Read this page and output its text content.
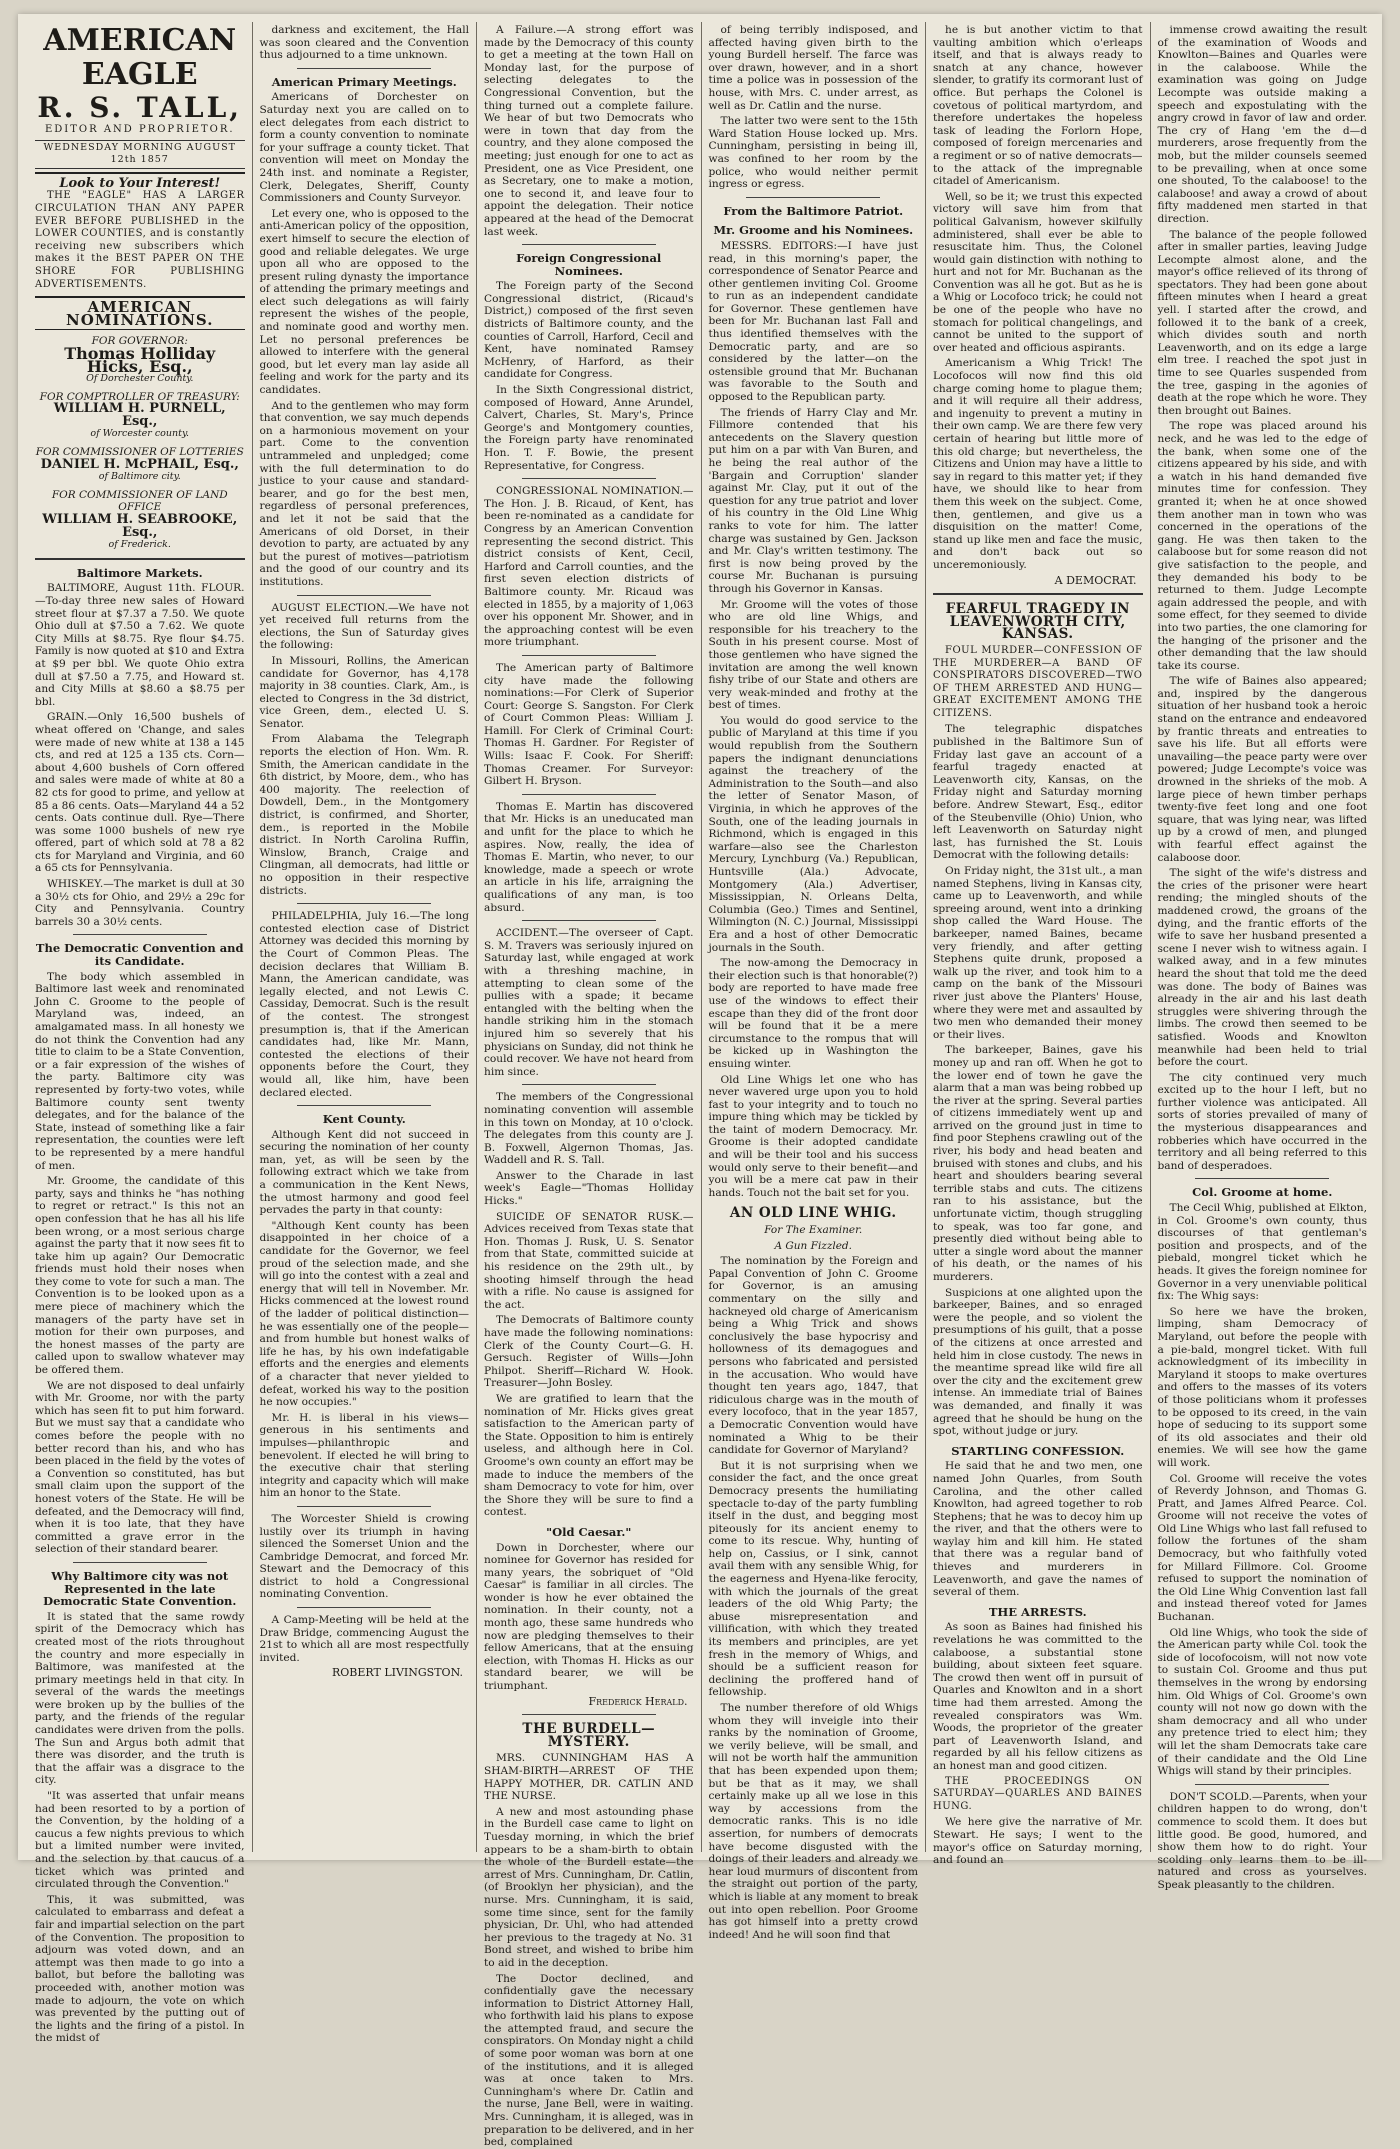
AMERICAN EAGLE
R. S. TALL,
EDITOR AND PROPRIETOR.
WEDNESDAY MORNING AUGUST 12th 1857
Look to Your Interest!

THE "EAGLE" HAS A LARGER CIRCULATION THAN ANY PAPER EVER BEFORE PUBLISHED in the LOWER COUNTIES, and is constantly receiving new subscribers which makes it the BEST PAPER ON THE SHORE FOR PUBLISHING ADVERTISEMENTS.

AMERICAN NOMINATIONS.
FOR GOVERNOR:
Thomas Holliday Hicks, Esq.,
Of Dorchester County.
FOR COMPTROLLER OF TREASURY:
WILLIAM H. PURNELL, Esq.,
of Worcester county.
FOR COMMISSIONER OF LOTTERIES
DANIEL H. McPHAIL, Esq.,
of Baltimore city.
FOR COMMISSIONER OF LAND OFFICE
WILLIAM H. SEABROOKE, Esq.,
of Frederick.
Baltimore Markets.

BALTIMORE, August 11th. FLOUR.—To-day three new sales of Howard street flour at $7.37 a 7.50. We quote Ohio dull at $7.50 a 7.62. We quote City Mills at $8.75. Rye flour $4.75. Family is now quoted at $10 and Extra at $9 per bbl. We quote Ohio extra dull at $7.50 a 7.75, and Howard st. and City Mills at $8.60 a $8.75 per bbl.

GRAIN.—Only 16,500 bushels of wheat offered on 'Change, and sales were made of new white at 138 a 145 cts, and red at 125 a 135 cts. Corn—about 4,600 bushels of Corn offered and sales were made of white at 80 a 82 cts for good to prime, and yellow at 85 a 86 cents. Oats—Maryland 44 a 52 cents. Oats continue dull. Rye—There was some 1000 bushels of new rye offered, part of which sold at 78 a 82 cts for Maryland and Virginia, and 60 a 65 cts for Pennsylvania.

WHISKEY.—The market is dull at 30 a 30½ cts for Ohio, and 29½ a 29c for City and Pennsylvania. Country barrels 30 a 30½ cents.

The Democratic Convention and its Candidate.

The body which assembled in Baltimore last week and renominated John C. Groome to the people of Maryland was, indeed, an amalgamated mass. In all honesty we do not think the Convention had any title to claim to be a State Convention, or a fair expression of the wishes of the party. Baltimore city was represented by forty-two votes, while Baltimore county sent twenty delegates, and for the balance of the State, instead of something like a fair representation, the counties were left to be represented by a mere handful of men.

Mr. Groome, the candidate of this party, says and thinks he "has nothing to regret or retract." Is this not an open confession that he has all his life been wrong, or a most serious charge against the party that it now sees fit to take him up again? Our Democratic friends must hold their noses when they come to vote for such a man. The Convention is to be looked upon as a mere piece of machinery which the managers of the party have set in motion for their own purposes, and the honest masses of the party are called upon to swallow whatever may be offered them.

We are not disposed to deal unfairly with Mr. Groome, nor with the party which has seen fit to put him forward. But we must say that a candidate who comes before the people with no better record than his, and who has been placed in the field by the votes of a Convention so constituted, has but small claim upon the support of the honest voters of the State. He will be defeated, and the Democracy will find, when it is too late, that they have committed a grave error in the selection of their standard bearer.

Why Baltimore city was not Represented in the late Democratic State Convention.

It is stated that the same rowdy spirit of the Democracy which has created most of the riots throughout the country and more especially in Baltimore, was manifested at the primary meetings held in that city. In several of the wards the meetings were broken up by the bullies of the party, and the friends of the regular candidates were driven from the polls. The Sun and Argus both admit that there was disorder, and the truth is that the affair was a disgrace to the city.

"It was asserted that unfair means had been resorted to by a portion of the Convention, by the holding of a caucus a few nights previous to which but a limited number were invited, and the selection by that caucus of a ticket which was printed and circulated through the Convention."

This, it was submitted, was calculated to embarrass and defeat a fair and impartial selection on the part of the Convention. The proposition to adjourn was voted down, and an attempt was then made to go into a ballot, but before the balloting was proceeded with, another motion was made to adjourn, the vote on which was prevented by the putting out of the lights and the firing of a pistol. In the midst of

darkness and excitement, the Hall was soon cleared and the Convention thus adjourned to a time unknown.

American Primary Meetings.

Americans of Dorchester on Saturday next you are called on to elect delegates from each district to form a county convention to nominate for your suffrage a county ticket. That convention will meet on Monday the 24th inst. and nominate a Register, Clerk, Delegates, Sheriff, County Commissioners and County Surveyor.

Let every one, who is opposed to the anti-American policy of the opposition, exert himself to secure the election of good and reliable delegates. We urge upon all who are opposed to the present ruling dynasty the importance of attending the primary meetings and elect such delegations as will fairly represent the wishes of the people, and nominate good and worthy men. Let no personal preferences be allowed to interfere with the general good, but let every man lay aside all feeling and work for the party and its candidates.

And to the gentlemen who may form that convention, we say much depends on a harmonious movement on your part. Come to the convention untrammeled and unpledged; come with the full determination to do justice to your cause and standard-bearer, and go for the best men, regardless of personal preferences, and let it not be said that the Americans of old Dorset, in their devotion to party, are actuated by any but the purest of motives—patriotism and the good of our country and its institutions.

AUGUST ELECTION.—We have not yet received full returns from the elections, the Sun of Saturday gives the following:

In Missouri, Rollins, the American candidate for Governor, has 4,178 majority in 38 counties. Clark, Am., is elected to Congress in the 3d district, vice Green, dem., elected U. S. Senator.

From Alabama the Telegraph reports the election of Hon. Wm. R. Smith, the American candidate in the 6th district, by Moore, dem., who has 400 majority. The reelection of Dowdell, Dem., in the Montgomery district, is confirmed, and Shorter, dem., is reported in the Mobile district. In North Carolina Ruffin, Winslow, Branch, Craige and Clingman, all democrats, had little or no opposition in their respective districts.

PHILADELPHIA, July 16.—The long contested election case of District Attorney was decided this morning by the Court of Common Pleas. The decision declares that William B. Mann, the American candidate, was legally elected, and not Lewis C. Cassiday, Democrat. Such is the result of the contest. The strongest presumption is, that if the American candidates had, like Mr. Mann, contested the elections of their opponents before the Court, they would all, like him, have been declared elected.

Kent County.

Although Kent did not succeed in securing the nomination of her county man, yet, as will be seen by the following extract which we take from a communication in the Kent News, the utmost harmony and good feel pervades the party in that county:

"Although Kent county has been disappointed in her choice of a candidate for the Governor, we feel proud of the selection made, and she will go into the contest with a zeal and energy that will tell in November. Mr. Hicks commenced at the lowest round of the ladder of political distinction—he was essentially one of the people—and from humble but honest walks of life he has, by his own indefatigable efforts and the energies and elements of a character that never yielded to defeat, worked his way to the position he now occupies."

Mr. H. is liberal in his views—generous in his sentiments and impulses—philanthropic and benevolent. If elected he will bring to the executive chair that sterling integrity and capacity which will make him an honor to the State.

The Worcester Shield is crowing lustily over its triumph in having silenced the Somerset Union and the Cambridge Democrat, and forced Mr. Stewart and the Democracy of this district to hold a Congressional nominating Convention.

A Camp-Meeting will be held at the Draw Bridge, commencing August the 21st to which all are most respectfully invited.

ROBERT LIVINGSTON.

A Failure.—A strong effort was made by the Democracy of this county to get a meeting at the town Hall on Monday last, for the purpose of selecting delegates to the Congressional Convention, but the thing turned out a complete failure. We hear of but two Democrats who were in town that day from the country, and they alone composed the meeting; just enough for one to act as President, one as Vice President, one as Secretary, one to make a motion, one to second it, and leave four to appoint the delegation. Their notice appeared at the head of the Democrat last week.

Foreign Congressional Nominees.

The Foreign party of the Second Congressional district, (Ricaud's District,) composed of the first seven districts of Baltimore county, and the counties of Carroll, Harford, Cecil and Kent, have nominated Ramsey McHenry, of Harford, as their candidate for Congress.

In the Sixth Congressional district, composed of Howard, Anne Arundel, Calvert, Charles, St. Mary's, Prince George's and Montgomery counties, the Foreign party have renominated Hon. T. F. Bowie, the present Representative, for Congress.

CONGRESSIONAL NOMINATION.—The Hon. J. B. Ricaud, of Kent, has been re-nominated as a candidate for Congress by an American Convention representing the second district. This district consists of Kent, Cecil, Harford and Carroll counties, and the first seven election districts of Baltimore county. Mr. Ricaud was elected in 1855, by a majority of 1,063 over his opponent Mr. Shower, and in the approaching contest will be even more triumphant.

The American party of Baltimore city have made the following nominations:—For Clerk of Superior Court: George S. Sangston. For Clerk of Court Common Pleas: William J. Hamill. For Clerk of Criminal Court: Thomas H. Gardner. For Register of Wills: Isaac F. Cook. For Sheriff: Thomas Creamer. For Surveyor: Gilbert H. Bryson.

Thomas E. Martin has discovered that Mr. Hicks is an uneducated man and unfit for the place to which he aspires. Now, really, the idea of Thomas E. Martin, who never, to our knowledge, made a speech or wrote an article in his life, arraigning the qualifications of any man, is too absurd.

ACCIDENT.—The overseer of Capt. S. M. Travers was seriously injured on Saturday last, while engaged at work with a threshing machine, in attempting to clean some of the pullies with a spade; it became entangled with the belting when the handle striking him in the stomach injured him so severely that his physicians on Sunday, did not think he could recover. We have not heard from him since.

The members of the Congressional nominating convention will assemble in this town on Monday, at 10 o'clock. The delegates from this county are J. B. Foxwell, Algernon Thomas, Jas. Waddell and R. S. Tall.

Answer to the Charade in last week's Eagle—"Thomas Holliday Hicks."

SUICIDE OF SENATOR RUSK.—Advices received from Texas state that Hon. Thomas J. Rusk, U. S. Senator from that State, committed suicide at his residence on the 29th ult., by shooting himself through the head with a rifle. No cause is assigned for the act.

The Democrats of Baltimore county have made the following nominations: Clerk of the County Court—G. H. Gersuch. Register of Wills—John Philpot. Sheriff—Richard W. Hook. Treasurer—John Bosley.

We are gratified to learn that the nomination of Mr. Hicks gives great satisfaction to the American party of the State. Opposition to him is entirely useless, and although here in Col. Groome's own county an effort may be made to induce the members of the sham Democracy to vote for him, over the Shore they will be sure to find a contest.

"Old Caesar."

Down in Dorchester, where our nominee for Governor has resided for many years, the sobriquet of "Old Caesar" is familiar in all circles. The wonder is how he ever obtained the nomination. In their county, not a month ago, these same hundreds who now are pledging themselves to their fellow Americans, that at the ensuing election, with Thomas H. Hicks as our standard bearer, we will be triumphant.

Frederick Herald.
THE BURDELL—MYSTERY.

MRS. CUNNINGHAM HAS A SHAM-BIRTH—ARREST OF THE HAPPY MOTHER, DR. CATLIN AND THE NURSE.

A new and most astounding phase in the Burdell case came to light on Tuesday morning, in which the brief appears to be a sham-birth to obtain the whole of the Burdell estate—the arrest of Mrs. Cunningham, Dr. Catlin, (of Brooklyn her physician), and the nurse. Mrs. Cunningham, it is said, some time since, sent for the family physician, Dr. Uhl, who had attended her previous to the tragedy at No. 31 Bond street, and wished to bribe him to aid in the deception.

The Doctor declined, and confidentially gave the necessary information to District Attorney Hall, who forthwith laid his plans to expose the attempted fraud, and secure the conspirators. On Monday night a child of some poor woman was born at one of the institutions, and it is alleged was at once taken to Mrs. Cunningham's where Dr. Catlin and the nurse, Jane Bell, were in waiting. Mrs. Cunningham, it is alleged, was in preparation to be delivered, and in her bed, complained

of being terribly indisposed, and affected having given birth to the young Burdell herself. The farce was over drawn, however, and in a short time a police was in possession of the house, with Mrs. C. under arrest, as well as Dr. Catlin and the nurse.

The latter two were sent to the 15th Ward Station House locked up. Mrs. Cunningham, persisting in being ill, was confined to her room by the police, who would neither permit ingress or egress.

From the Baltimore Patriot.
Mr. Groome and his Nominees.

MESSRS. EDITORS:—I have just read, in this morning's paper, the correspondence of Senator Pearce and other gentlemen inviting Col. Groome to run as an independent candidate for Governor. These gentlemen have been for Mr. Buchanan last Fall and thus identified themselves with the Democratic party, and are so considered by the latter—on the ostensible ground that Mr. Buchanan was favorable to the South and opposed to the Republican party.

The friends of Harry Clay and Mr. Fillmore contended that his antecedents on the Slavery question put him on a par with Van Buren, and he being the real author of the 'Bargain and Corruption' slander against Mr. Clay, put it out of the question for any true patriot and lover of his country in the Old Line Whig ranks to vote for him. The latter charge was sustained by Gen. Jackson and Mr. Clay's written testimony. The first is now being proved by the course Mr. Buchanan is pursuing through his Governor in Kansas.

Mr. Groome will the votes of those who are old line Whigs, and responsible for his treachery to the South in his present course. Most of those gentlemen who have signed the invitation are among the well known fishy tribe of our State and others are very weak-minded and frothy at the best of times.

You would do good service to the public of Maryland at this time if you would republish from the Southern papers the indignant denunciations against the treachery of the Administration to the South—and also the letter of Senator Mason, of Virginia, in which he approves of the South, one of the leading journals in Richmond, which is engaged in this warfare—also see the Charleston Mercury, Lynchburg (Va.) Republican, Huntsville (Ala.) Advocate, Montgomery (Ala.) Advertiser, Mississippian, N. Orleans Delta, Columbia (Geo.) Times and Sentinel, Wilmington (N. C.) Journal, Mississippi Era and a host of other Democratic journals in the South.

The now-among the Democracy in their election such is that honorable(?) body are reported to have made free use of the windows to effect their escape than they did of the front door will be found that it be a mere circumstance to the rompus that will be kicked up in Washington the ensuing winter.

Old Line Whigs let one who has never wavered urge upon you to hold fast to your integrity and to touch no impure thing which may be tickled by the taint of modern Democracy. Mr. Groome is their adopted candidate and will be their tool and his success would only serve to their benefit—and you will be a mere cat paw in their hands. Touch not the bait set for you.

AN OLD LINE WHIG.
For The Examiner.
A Gun Fizzled.

The nomination by the Foreign and Papal Convention of John C. Groome for Governor, is an amusing commentary on the silly and hackneyed old charge of Americanism being a Whig Trick and shows conclusively the base hypocrisy and hollowness of its demagogues and persons who fabricated and persisted in the accusation. Who would have thought ten years ago, 1847, that ridiculous charge was in the mouth of every locofoco, that in the year 1857, a Democratic Convention would have nominated a Whig to be their candidate for Governor of Maryland?

But it is not surprising when we consider the fact, and the once great Democracy presents the humiliating spectacle to-day of the party fumbling itself in the dust, and begging most piteously for its ancient enemy to come to its rescue. Why, hunting of help on, Cassius, or I sink, cannot avail them with any sensible Whig, for the eagerness and Hyena-like ferocity, with which the journals of the great leaders of the old Whig Party; the abuse misrepresentation and villification, with which they treated its members and principles, are yet fresh in the memory of Whigs, and should be a sufficient reason for declining the proffered hand of fellowship.

The number therefore of old Whigs whom they will inveigle into their ranks by the nomination of Groome, we verily believe, will be small, and will not be worth half the ammunition that has been expended upon them; but be that as it may, we shall certainly make up all we lose in this way by accessions from the democratic ranks. This is no idle assertion, for numbers of democrats have become disgusted with the doings of their leaders and already we hear loud murmurs of discontent from the straight out portion of the party, which is liable at any moment to break out into open rebellion. Poor Groome has got himself into a pretty crowd indeed! And he will soon find that

he is but another victim to that vaulting ambition which o'erleaps itself, and that is always ready to snatch at any chance, however slender, to gratify its cormorant lust of office. But perhaps the Colonel is covetous of political martyrdom, and therefore undertakes the hopeless task of leading the Forlorn Hope, composed of foreign mercenaries and a regiment or so of native democrats—to the attack of the impregnable citadel of Americanism.

Well, so be it; we trust this expected victory will save him from that political Galvanism, however skilfully administered, shall ever be able to resuscitate him. Thus, the Colonel would gain distinction with nothing to hurt and not for Mr. Buchanan as the Convention was all he got. But as he is a Whig or Locofoco trick; he could not be one of the people who have no stomach for political changelings, and cannot be united to the support of over heated and officious aspirants.

Americanism a Whig Trick! The Locofocos will now find this old charge coming home to plague them; and it will require all their address, and ingenuity to prevent a mutiny in their own camp. We are there few very certain of hearing but little more of this old charge; but nevertheless, the Citizens and Union may have a little to say in regard to this matter yet; if they have, we should like to hear from them this week on the subject. Come, then, gentlemen, and give us a disquisition on the matter! Come, stand up like men and face the music, and don't back out so unceremoniously.

A DEMOCRAT.
FEARFUL TRAGEDY IN LEAVENWORTH CITY, KANSAS.

FOUL MURDER—CONFESSION OF THE MURDERER—A BAND OF CONSPIRATORS DISCOVERED—TWO OF THEM ARRESTED AND HUNG—GREAT EXCITEMENT AMONG THE CITIZENS.

The telegraphic dispatches published in the Baltimore Sun of Friday last gave an account of a fearful tragedy enacted at Leavenworth city, Kansas, on the Friday night and Saturday morning before. Andrew Stewart, Esq., editor of the Steubenville (Ohio) Union, who left Leavenworth on Saturday night last, has furnished the St. Louis Democrat with the following details:

On Friday night, the 31st ult., a man named Stephens, living in Kansas city, came up to Leavenworth, and while spreeing around, went into a drinking shop called the Ward House. The barkeeper, named Baines, became very friendly, and after getting Stephens quite drunk, proposed a walk up the river, and took him to a camp on the bank of the Missouri river just above the Planters' House, where they were met and assaulted by two men who demanded their money or their lives.

The barkeeper, Baines, gave his money up and ran off. When he got to the lower end of town he gave the alarm that a man was being robbed up the river at the spring. Several parties of citizens immediately went up and arrived on the ground just in time to find poor Stephens crawling out of the river, his body and head beaten and bruised with stones and clubs, and his heart and shoulders bearing several terrible stabs and cuts. The citizens ran to his assistance, but the unfortunate victim, though struggling to speak, was too far gone, and presently died without being able to utter a single word about the manner of his death, or the names of his murderers.

Suspicions at one alighted upon the barkeeper, Baines, and so enraged were the people, and so violent the presumptions of his guilt, that a posse of the citizens at once arrested and held him in close custody. The news in the meantime spread like wild fire all over the city and the excitement grew intense. An immediate trial of Baines was demanded, and finally it was agreed that he should be hung on the spot, without judge or jury.

STARTLING CONFESSION.

He said that he and two men, one named John Quarles, from South Carolina, and the other called Knowlton, had agreed together to rob Stephens; that he was to decoy him up the river, and that the others were to waylay him and kill him. He stated that there was a regular band of thieves and murderers in Leavenworth, and gave the names of several of them.

THE ARRESTS.

As soon as Baines had finished his revelations he was committed to the calaboose, a substantial stone building, about sixteen feet square. The crowd then went off in pursuit of Quarles and Knowlton and in a short time had them arrested. Among the revealed conspirators was Wm. Woods, the proprietor of the greater part of Leavenworth Island, and regarded by all his fellow citizens as an honest man and good citizen.

THE PROCEEDINGS ON SATURDAY—QUARLES AND BAINES HUNG.

We here give the narrative of Mr. Stewart. He says; I went to the mayor's office on Saturday morning, and found an

immense crowd awaiting the result of the examination of Woods and Knowlton—Baines and Quarles were in the calaboose. While the examination was going on Judge Lecompte was outside making a speech and expostulating with the angry crowd in favor of law and order. The cry of Hang 'em the d—d murderers, arose frequently from the mob, but the milder counsels seemed to be prevailing, when at once some one shouted, To the calaboose! to the calaboose! and away a crowd of about fifty maddened men started in that direction.

The balance of the people followed after in smaller parties, leaving Judge Lecompte almost alone, and the mayor's office relieved of its throng of spectators. They had been gone about fifteen minutes when I heard a great yell. I started after the crowd, and followed it to the bank of a creek, which divides south and north Leavenworth, and on its edge a large elm tree. I reached the spot just in time to see Quarles suspended from the tree, gasping in the agonies of death at the rope which he wore. They then brought out Baines.

The rope was placed around his neck, and he was led to the edge of the bank, when some one of the citizens appeared by his side, and with a watch in his hand demanded five minutes time for confession. They granted it; when he at once showed them another man in town who was concerned in the operations of the gang. He was then taken to the calaboose but for some reason did not give satisfaction to the people, and they demanded his body to be returned to them. Judge Lecompte again addressed the people, and with some effect, for they seemed to divide into two parties, the one clamoring for the hanging of the prisoner and the other demanding that the law should take its course.

The wife of Baines also appeared; and, inspired by the dangerous situation of her husband took a heroic stand on the entrance and endeavored by frantic threats and entreaties to save his life. But all efforts were unavailing—the peace party were over powered; Judge Lecompte's voice was drowned in the shrieks of the mob. A large piece of hewn timber perhaps twenty-five feet long and one foot square, that was lying near, was lifted up by a crowd of men, and plunged with fearful effect against the calaboose door.

The sight of the wife's distress and the cries of the prisoner were heart rending; the mingled shouts of the maddened crowd, the groans of the dying, and the frantic efforts of the wife to save her husband presented a scene I never wish to witness again. I walked away, and in a few minutes heard the shout that told me the deed was done. The body of Baines was already in the air and his last death struggles were shivering through the limbs. The crowd then seemed to be satisfied. Woods and Knowlton meanwhile had been held to trial before the court.

The city continued very much excited up to the hour I left, but no further violence was anticipated. All sorts of stories prevailed of many of the mysterious disappearances and robberies which have occurred in the territory and all being referred to this band of desperadoes.

Col. Groome at home.

The Cecil Whig, published at Elkton, in Col. Groome's own county, thus discourses of that gentleman's position and prospects, and of the piebald, mongrel ticket which he heads. It gives the foreign nominee for Governor in a very unenviable political fix: The Whig says:

So here we have the broken, limping, sham Democracy of Maryland, out before the people with a pie-bald, mongrel ticket. With full acknowledgment of its imbecility in Maryland it stoops to make overtures and offers to the masses of its voters of those politicians whom it professes to be opposed to its creed, in the vain hope of seducing to its support some of its old associates and their old enemies. We will see how the game will work.

Col. Groome will receive the votes of Reverdy Johnson, and Thomas G. Pratt, and James Alfred Pearce. Col. Groome will not receive the votes of Old Line Whigs who last fall refused to follow the fortunes of the sham Democracy, but who faithfully voted for Millard Fillmore. Col. Groome refused to support the nomination of the Old Line Whig Convention last fall and instead thereof voted for James Buchanan.

Old line Whigs, who took the side of the American party while Col. took the side of locofocoism, will not now vote to sustain Col. Groome and thus put themselves in the wrong by endorsing him. Old Whigs of Col. Groome's own county will not now go down with the sham democracy and all who under any pretence tried to elect him; they will let the sham Democrats take care of their candidate and the Old Line Whigs will stand by their principles.

DON'T SCOLD.—Parents, when your children happen to do wrong, don't commence to scold them. It does but little good. Be good, humored, and show them how to do right. Your scolding only learns them to be ill-natured and cross as yourselves. Speak pleasantly to the children.
